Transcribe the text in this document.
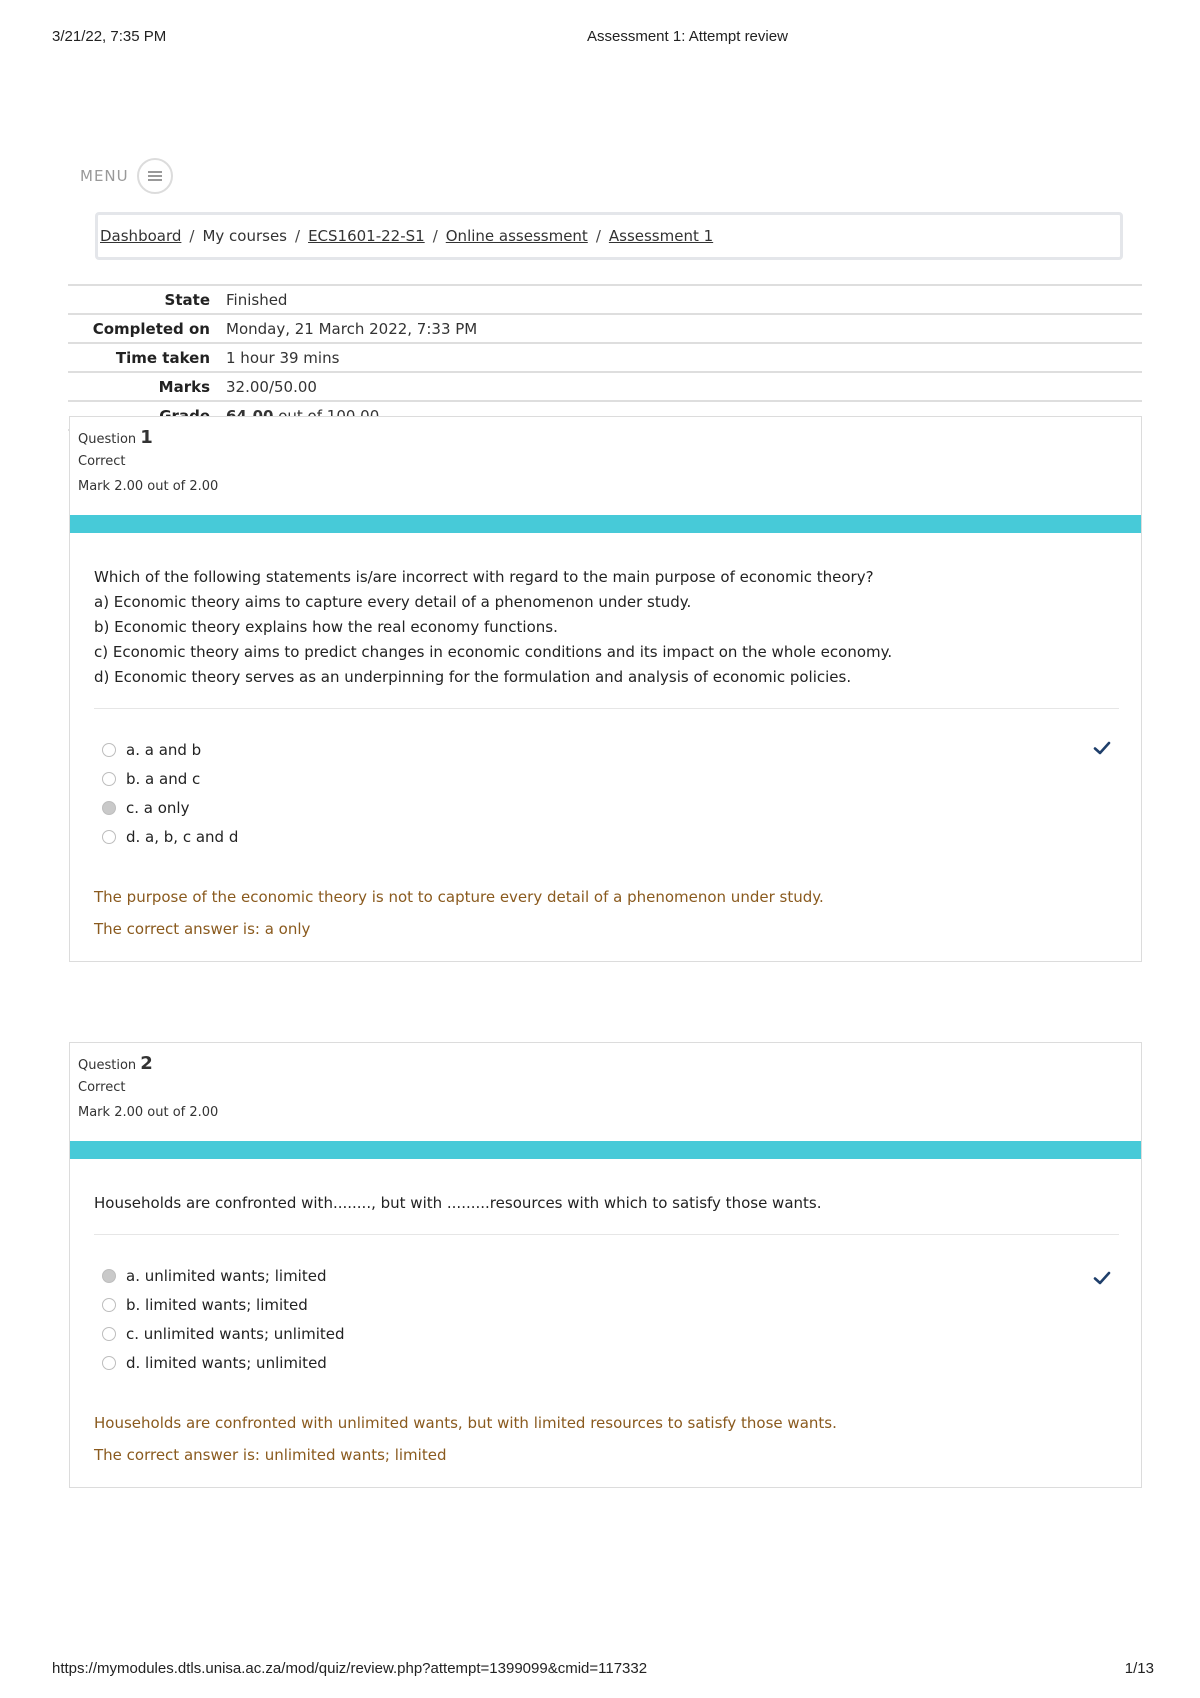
3/21/22, 7:35 PM	Assessment 1: Attempt review
MENU
Dashboard / My courses / ECS1601-22-S1 / Online assessment / Assessment 1
State	Finished
Completed on	Monday, 21 March 2022, 7:33 PM
Time taken	1 hour 39 mins
Marks	32.00/50.00

Question 1
Correct
Mark 2.00 out of 2.00
Which of the following statements is/are incorrect with regard to the main purpose of economic theory?
a) Economic theory aims to capture every detail of a phenomenon under study.
b) Economic theory explains how the real economy functions.
c) Economic theory aims to predict changes in economic conditions and its impact on the whole economy.
d) Economic theory serves as an underpinning for the formulation and analysis of economic policies.
a. a and b
b. a and c
c. a only
d. a, b, c and d

The purpose of the economic theory is not to capture every detail of a phenomenon under study.

The correct answer is: a only

Question 2
Correct
Mark 2.00 out of 2.00
Households are confronted with........, but with .........resources with which to satisfy those wants.
a. unlimited wants; limited
b. limited wants; limited
c. unlimited wants; unlimited
d. limited wants; unlimited

Households are confronted with unlimited wants, but with limited resources to satisfy those wants.

The correct answer is: unlimited wants; limited

https://mymodules.dtls.unisa.ac.za/mod/quiz/review.php?attempt=1399099&cmid=117332	1/13
